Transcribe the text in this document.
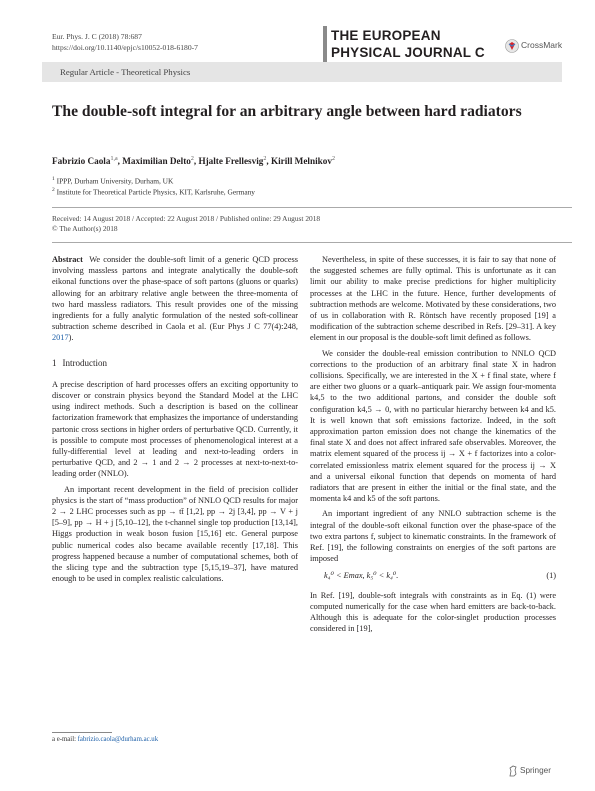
Eur. Phys. J. C (2018) 78:687
https://doi.org/10.1140/epjc/s10052-018-6180-7
THE EUROPEAN
PHYSICAL JOURNAL C	CrossMark
Regular Article - Theoretical Physics
The double-soft integral for an arbitrary angle between hard radiators
Fabrizio Caola$^{1,a}$, Maximilian Delto$^2$, Hjalte Frellesvig$^2$, Kirill Melnikov$^2$
$^1$ IPPP, Durham University, Durham, UK
$^2$ Institute for Theoretical Particle Physics, KIT, Karlsruhe, Germany
Received: 14 August 2018 / Accepted: 22 August 2018 / Published online: 29 August 2018
© The Author(s) 2018

Abstract We consider the double-soft limit of a generic QCD process involving massless partons and integrate analytically the double-soft eikonal functions over the phase-space of soft partons (gluons or quarks) allowing for an arbitrary relative angle between the three-momenta of two hard massless radiators. This result provides one of the missing ingredients for a fully analytic formulation of the nested soft-collinear subtraction scheme described in Caola et al. (Eur Phys J C 77(4):248, 2017).

1 Introduction

A precise description of hard processes offers an exciting opportunity to discover or constrain physics beyond the Standard Model at the LHC using indirect methods. Such a description is based on the collinear factorization framework that emphasizes the importance of understanding partonic cross sections in higher orders of perturbative QCD. Currently, it is possible to compute most processes of phenomenological interest at a fully-differential level at leading and next-to-leading orders in perturbative QCD, and 2 → 1 and 2 → 2 processes at next-to-next-to-leading order (NNLO).

An important recent development in the field of precision collider physics is the start of “mass production” of NNLO QCD results for major 2 → 2 LHC processes such as pp → tt̄ [1,2], pp → 2j [3,4], pp → V + j [5–9], pp → H + j [5,10–12], the t-channel single top production [13,14], Higgs production in weak boson fusion [15,16] etc. General purpose public numerical codes also became available recently [17,18]. This progress happened because a number of computational schemes, both of the slicing type and the subtraction type [5,15,19–37], have matured enough to be used in complex realistic calculations.

Nevertheless, in spite of these successes, it is fair to say that none of the suggested schemes are fully optimal. This is unfortunate as it can limit our ability to make precise predictions for higher multiplicity processes at the LHC in the future. Hence, further developments of subtraction methods are welcome. Motivated by these considerations, two of us in collaboration with R. Röntsch have recently proposed [19] a modification of the subtraction scheme described in Refs. [29–31]. A key element in our proposal is the double-soft limit defined as follows.

We consider the double-real emission contribution to NNLO QCD corrections to the production of an arbitrary final state X in hadron collisions. Specifically, we are interested in the X + f final state, where f are either two gluons or a quark–antiquark pair. We assign four-momenta k4,5 to the two additional partons, and consider the double soft configuration k4,5 → 0, with no particular hierarchy between k4 and k5. It is well known that soft emissions factorize. Indeed, in the soft approximation parton emission does not change the kinematics of the final state X and does not affect infrared safe observables. Moreover, the matrix element squared of the process ij → X + f factorizes into a color-correlated emissionless matrix element squared for the process ij → X and a universal eikonal function that depends on momenta of hard radiators that are present in either the initial or the final state, and the momenta k4 and k5 of the soft partons.

An important ingredient of any NNLO subtraction scheme is the integral of the double-soft eikonal function over the phase-space of the two extra partons f, subject to kinematic constraints. In the framework of Ref. [19], the following constraints on energies of the soft partons are imposed

k₄⁰ < Emax, k₅⁰ < k₄⁰.	(1)

In Ref. [19], double-soft integrals with constraints as in Eq. (1) were computed numerically for the case when hard emitters are back-to-back. Although this is adequate for the color-singlet production processes considered in [19],

a e-mail: fabrizio.caola@durham.ac.uk
Springer
